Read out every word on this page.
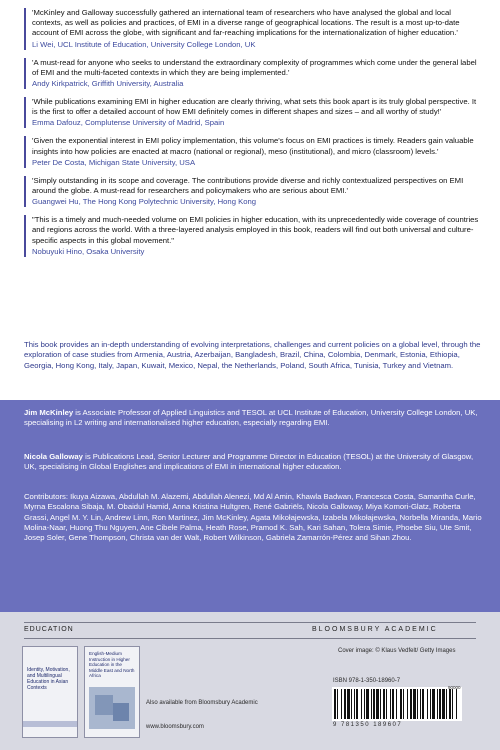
'McKinley and Galloway successfully gathered an international team of researchers who have analysed the global and local contexts, as well as policies and practices, of EMI in a diverse range of geographical locations. The result is a most up-to-date account of EMI across the globe, with significant and far-reaching implications for the internationalization of higher education.'

Li Wei, UCL Institute of Education, University College London, UK

'A must-read for anyone who seeks to understand the extraordinary complexity of programmes which come under the general label of EMI and the multi-faceted contexts in which they are being implemented.'

Andy Kirkpatrick, Griffith University, Australia

'While publications examining EMI in higher education are clearly thriving, what sets this book apart is its truly global perspective. It is the first to offer a detailed account of how EMI definitely comes in different shapes and sizes – and all worthy of study!'

Emma Dafouz, Complutense University of Madrid, Spain

'Given the exponential interest in EMI policy implementation, this volume's focus on EMI practices is timely. Readers gain valuable insights into how policies are enacted at macro (national or regional), meso (institutional), and micro (classroom) levels.'

Peter De Costa, Michigan State University, USA

'Simply outstanding in its scope and coverage. The contributions provide diverse and richly contextualized perspectives on EMI around the globe. A must-read for researchers and policymakers who are serious about EMI.'

Guangwei Hu, The Hong Kong Polytechnic University, Hong Kong

"This is a timely and much-needed volume on EMI policies in higher education, with its unprecedentedly wide coverage of countries and regions across the world. With a three-layered analysis employed in this book, readers will find out both universal and culture-specific aspects in this global movement."

Nobuyuki Hino, Osaka University

This book provides an in-depth understanding of evolving interpretations, challenges and current policies on a global level, through the exploration of case studies from Armenia, Austria, Azerbaijan, Bangladesh, Brazil, China, Colombia, Denmark, Estonia, Ethiopia, Georgia, Hong Kong, Italy, Japan, Kuwait, Mexico, Nepal, the Netherlands, Poland, South Africa, Tunisia, Turkey and Vietnam.

Jim McKinley is Associate Professor of Applied Linguistics and TESOL at UCL Institute of Education, University College London, UK, specialising in L2 writing and internationalised higher education, especially regarding EMI.

Nicola Galloway is Publications Lead, Senior Lecturer and Programme Director in Education (TESOL) at the University of Glasgow, UK, specialising in Global Englishes and implications of EMI in international higher education.

Contributors: Ikuya Aizawa, Abdullah M. Alazemi, Abdullah Alenezi, Md Al Amin, Khawla Badwan, Francesca Costa, Samantha Curle, Myrna Escalona Sibaja, M. Obaidul Hamid, Anna Kristina Hultgren, René Gabriëls, Nicola Galloway, Miya Komori-Glatz, Roberta Grassi, Angel M. Y. Lin, Andrew Linn, Ron Martinez, Jim McKinley, Agata Mikołajewska, Izabela Mikołajewska, Norbella Miranda, Mario Molina-Naar, Huong Thu Nguyen, Ane Cibele Palma, Heath Rose, Pramod K. Sah, Kari Sahan, Tolera Simie, Phoebe Siu, Ute Smit, Josep Soler, Gene Thompson, Christa van der Walt, Robert Wilkinson, Gabriela Zamarrón-Pérez and Sihan Zhou.

EDUCATION	BLOOMSBURY ACADEMIC
Identity, Motivation, and Multilingual Education in Asian Contexts
English-Medium Instruction in Higher Education in the Middle East and North Africa

Also available from Bloomsbury Academic

www.bloomsbury.com
Cover image: © Klaus Vedfelt/ Getty Images
ISBN 978-1-350-18960-7
90000
9 781350 189607
